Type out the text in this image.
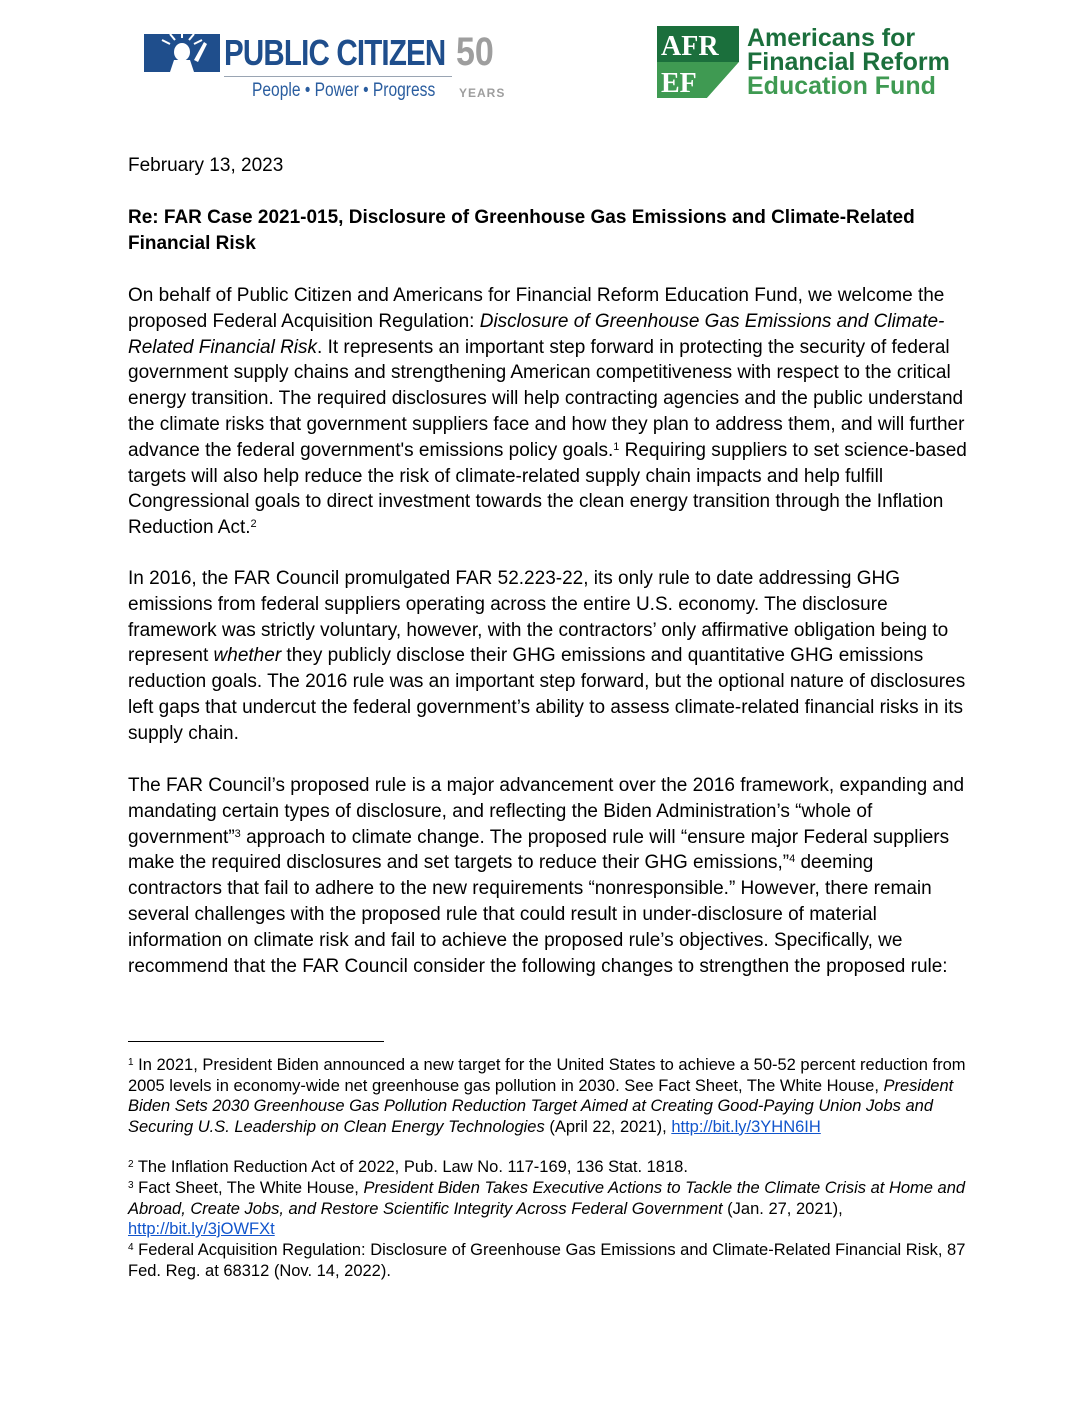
PUBLIC CITIZEN 50
People • Power • Progress YEARS
AFR
EF
Americans for
Financial Reform
Education Fund
February 13, 2023
Re: FAR Case 2021-015, Disclosure of Greenhouse Gas Emissions and Climate-Related Financial Risk
On behalf of Public Citizen and Americans for Financial Reform Education Fund, we welcome the proposed Federal Acquisition Regulation: Disclosure of Greenhouse Gas Emissions and Climate-Related Financial Risk. It represents an important step forward in protecting the security of federal government supply chains and strengthening American competitiveness with respect to the critical energy transition. The required disclosures will help contracting agencies and the public understand the climate risks that government suppliers face and how they plan to address them, and will further advance the federal government's emissions policy goals.$^1$ Requiring suppliers to set science-based targets will also help reduce the risk of climate-related supply chain impacts and help fulfill Congressional goals to direct investment towards the clean energy transition through the Inflation Reduction Act.$^2$
In 2016, the FAR Council promulgated FAR 52.223-22, its only rule to date addressing GHG emissions from federal suppliers operating across the entire U.S. economy. The disclosure framework was strictly voluntary, however, with the contractors’ only affirmative obligation being to represent whether they publicly disclose their GHG emissions and quantitative GHG emissions reduction goals. The 2016 rule was an important step forward, but the optional nature of disclosures left gaps that undercut the federal government’s ability to assess climate-related financial risks in its supply chain.
The FAR Council’s proposed rule is a major advancement over the 2016 framework, expanding and mandating certain types of disclosure, and reflecting the Biden Administration’s “whole of government”$^3$ approach to climate change. The proposed rule will “ensure major Federal suppliers make the required disclosures and set targets to reduce their GHG emissions,”$^4$ deeming contractors that fail to adhere to the new requirements “nonresponsible.” However, there remain several challenges with the proposed rule that could result in under-disclosure of material information on climate risk and fail to achieve the proposed rule’s objectives. Specifically, we recommend that the FAR Council consider the following changes to strengthen the proposed rule:
$^1$ In 2021, President Biden announced a new target for the United States to achieve a 50-52 percent reduction from 2005 levels in economy-wide net greenhouse gas pollution in 2030. See Fact Sheet, The White House, President Biden Sets 2030 Greenhouse Gas Pollution Reduction Target Aimed at Creating Good-Paying Union Jobs and Securing U.S. Leadership on Clean Energy Technologies (April 22, 2021), http://bit.ly/3YHN6IH
$^2$ The Inflation Reduction Act of 2022, Pub. Law No. 117-169, 136 Stat. 1818.
$^3$ Fact Sheet, The White House, President Biden Takes Executive Actions to Tackle the Climate Crisis at Home and Abroad, Create Jobs, and Restore Scientific Integrity Across Federal Government (Jan. 27, 2021), http://bit.ly/3jOWFXt
$^4$ Federal Acquisition Regulation: Disclosure of Greenhouse Gas Emissions and Climate-Related Financial Risk, 87 Fed. Reg. at 68312 (Nov. 14, 2022).
